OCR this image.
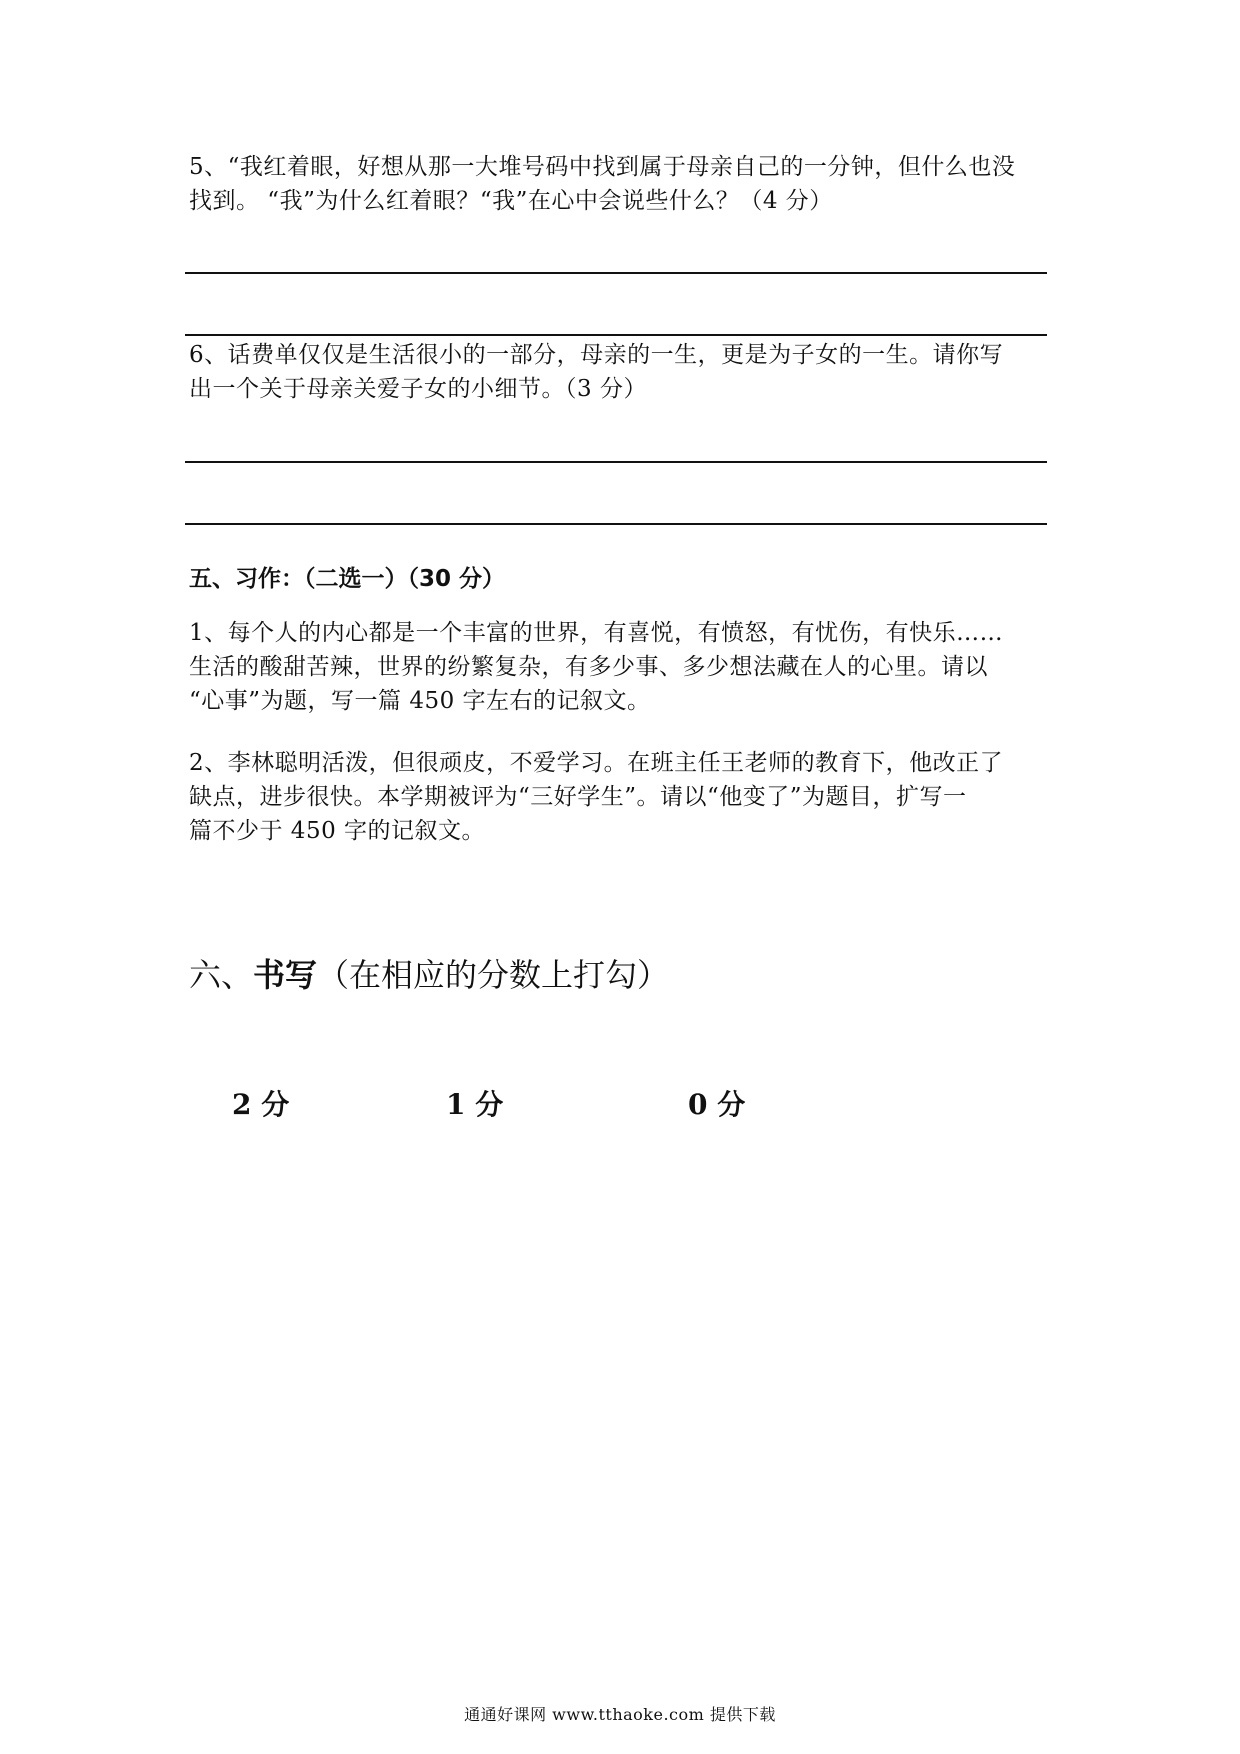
5、“我红着眼，好想从那一大堆号码中找到属于母亲自己的一分钟，但什么也没
找到。 “我”为什么红着眼？“我”在心中会说些什么？（4 分）

6、话费单仅仅是生活很小的一部分，母亲的一生，更是为子女的一生。请你写
出一个关于母亲关爱子女的小细节。（3 分）

五、习作：（二选一）（30 分）

1、每个人的内心都是一个丰富的世界，有喜悦，有愤怒，有忧伤，有快乐……
生活的酸甜苦辣，世界的纷繁复杂，有多少事、多少想法藏在人的心里。请以
“心事”为题，写一篇 450 字左右的记叙文。

2、李林聪明活泼，但很顽皮，不爱学习。在班主任王老师的教育下，他改正了
缺点，进步很快。本学期被评为“三好学生”。请以“他变了”为题目，扩写一
篇不少于 450 字的记叙文。

六、书写（在相应的分数上打勾）

2 分	1 分	0 分
通通好课网 www.tthaoke.com 提供下载
